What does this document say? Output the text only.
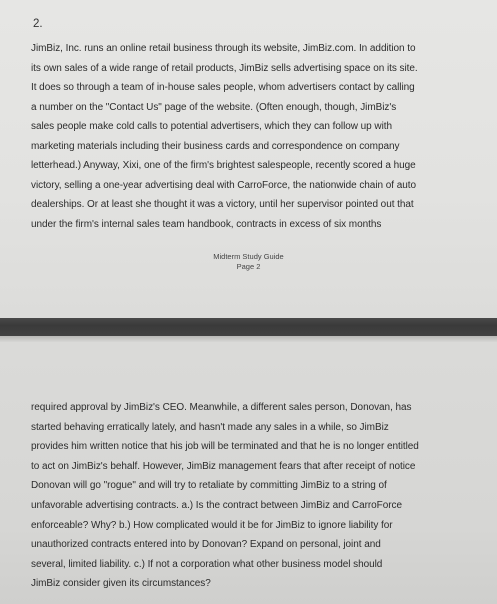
2.
JimBiz, Inc. runs an online retail business through its website, JimBiz.com. In addition to
its own sales of a wide range of retail products, JimBiz sells advertising space on its site.
It does so through a team of in-house sales people, whom advertisers contact by calling
a number on the "Contact Us" page of the website. (Often enough, though, JimBiz's
sales people make cold calls to potential advertisers, which they can follow up with
marketing materials including their business cards and correspondence on company
letterhead.) Anyway, Xixi, one of the firm's brightest salespeople, recently scored a huge
victory, selling a one-year advertising deal with CarroForce, the nationwide chain of auto
dealerships. Or at least she thought it was a victory, until her supervisor pointed out that
under the firm's internal sales team handbook, contracts in excess of six months
Midterm Study Guide
Page 2
required approval by JimBiz's CEO. Meanwhile, a different sales person, Donovan, has
started behaving erratically lately, and hasn't made any sales in a while, so JimBiz
provides him written notice that his job will be terminated and that he is no longer entitled
to act on JimBiz's behalf. However, JimBiz management fears that after receipt of notice
Donovan will go "rogue" and will try to retaliate by committing JimBiz to a string of
unfavorable advertising contracts. a.) Is the contract between JimBiz and CarroForce
enforceable? Why? b.) How complicated would it be for JimBiz to ignore liability for
unauthorized contracts entered into by Donovan? Expand on personal, joint and
several, limited liability. c.) If not a corporation what other business model should
JimBiz consider given its circumstances?
